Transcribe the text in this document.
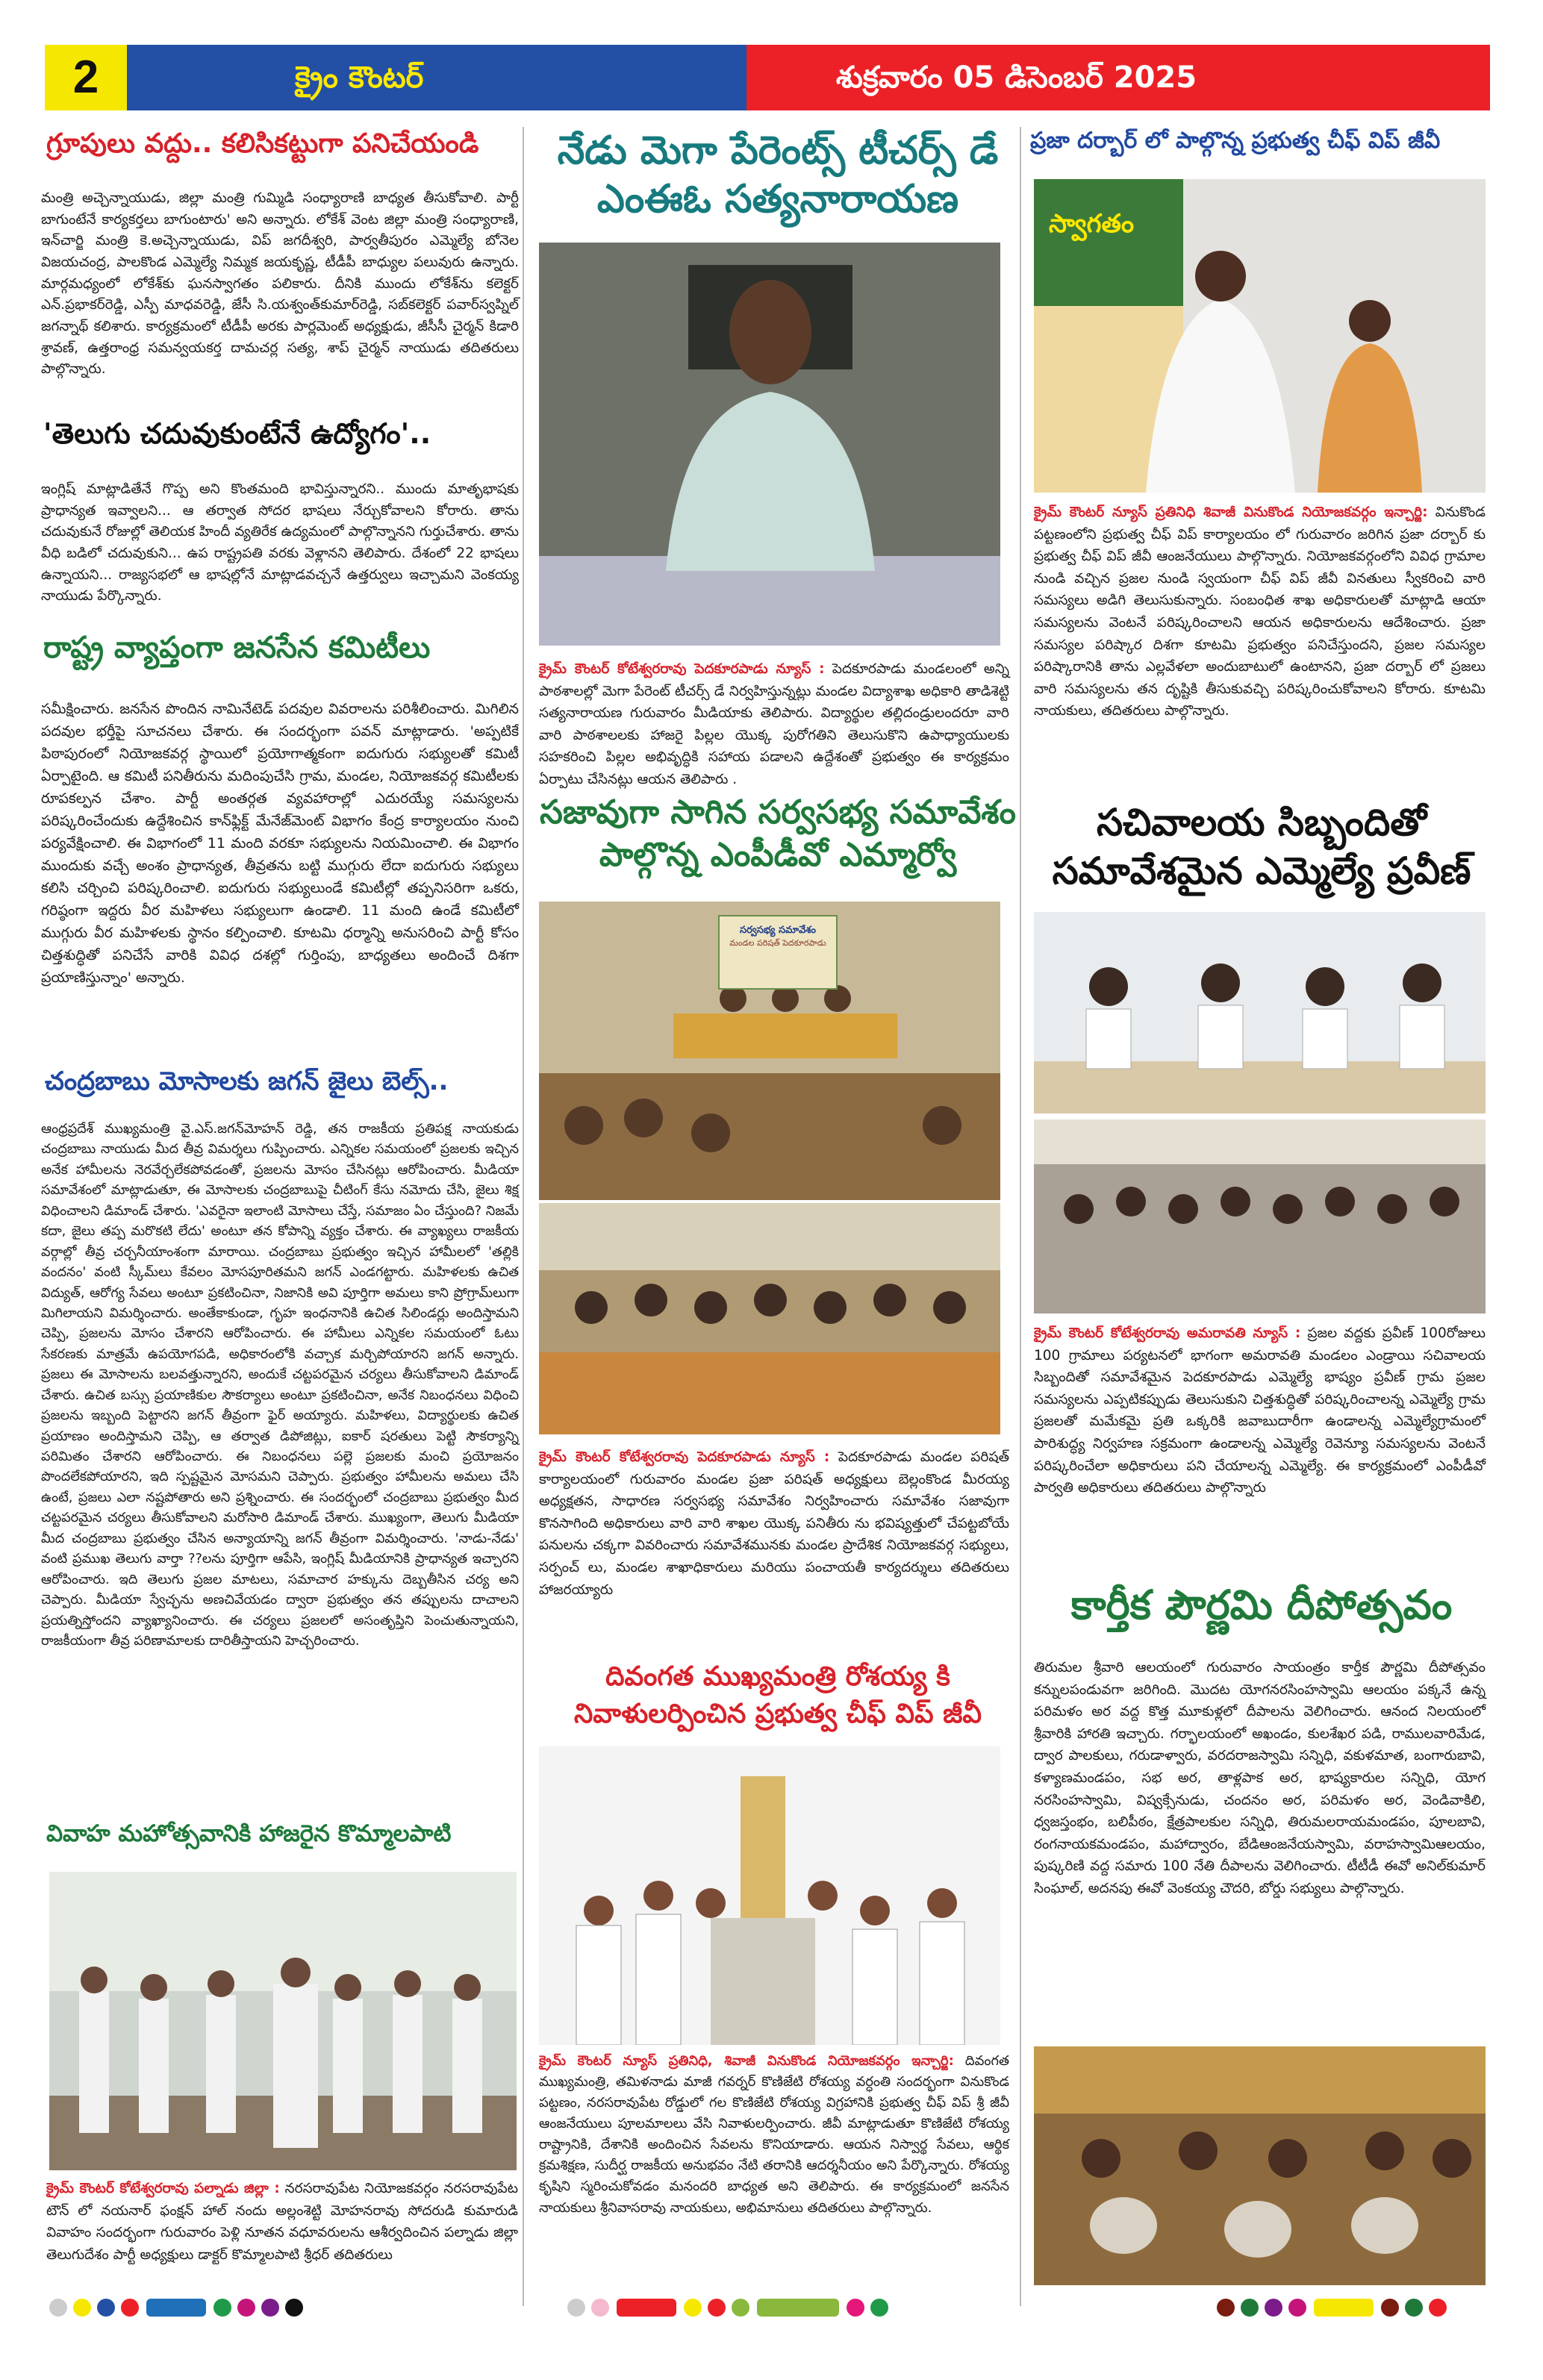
2	క్రైం కౌంటర్	శుక్రవారం 05 డిసెంబర్ 2025
గ్రూపులు వద్దు.. కలిసికట్టుగా పనిచేయండి
మంత్రి అచ్చెన్నాయుడు, జిల్లా మంత్రి గుమ్మిడి సంధ్యారాణి బాధ్యత తీసుకోవాలి. పార్టీ బాగుంటేనే కార్యకర్తలు బాగుంటారు' అని అన్నారు. లోకేశ్ వెంట జిల్లా మంత్రి సంధ్యారాణి, ఇన్‌చార్జి మంత్రి కె.అచ్చెన్నాయుడు, విప్ జగదీశ్వరి, పార్వతీపురం ఎమ్మెల్యే బోనెల విజయచంద్ర, పాలకొండ ఎమ్మెల్యే నిమ్మక జయకృష్ణ, టీడీపీ బాధ్యుల పలువురు ఉన్నారు. మార్గమధ్యంలో లోకేశ్‌కు ఘనస్వాగతం పలికారు. దీనికి ముందు లోకేశ్‌ను కలెక్టర్ ఎన్.ప్రభాకర్‌రెడ్డి, ఎస్పీ మాధవరెడ్డి, జేసీ సి.యశ్వంత్‌కుమార్‌రెడ్డి, సబ్‌కలెక్టర్ పవార్‌స్వప్నిల్ జగన్నాథ్ కలిశారు. కార్యక్రమంలో టీడీపీ అరకు పార్లమెంట్ అధ్యక్షుడు, జీసీసీ చైర్మన్ కిడారి శ్రావణ్, ఉత్తరాంధ్ర సమన్వయకర్త దామచర్ల సత్య, శాప్ చైర్మన్ నాయుడు తదితరులు పాల్గొన్నారు.
'తెలుగు చదువుకుంటేనే ఉద్యోగం'..
ఇంగ్లిష్ మాట్లాడితేనే గొప్ప అని కొంతమంది భావిస్తున్నారని.. ముందు మాతృభాషకు ప్రాధాన్యత ఇవ్వాలని... ఆ తర్వాత సోదర భాషలు నేర్చుకోవాలని కోరారు. తాను చదువుకునే రోజుల్లో తెలియక హిందీ వ్యతిరేక ఉద్యమంలో పాల్గొన్నానని గుర్తుచేశారు. తాను వీధి బడిలో చదువుకుని... ఉప రాష్ట్రపతి వరకు వెళ్లానని తెలిపారు. దేశంలో 22 భాషలు ఉన్నాయని... రాజ్యసభలో ఆ భాషల్లోనే మాట్లాడవచ్చనే ఉత్తర్వులు ఇచ్చామని వెంకయ్య నాయుడు పేర్కొన్నారు.
రాష్ట్ర వ్యాప్తంగా జనసేన కమిటీలు
సమీక్షించారు. జనసేన పొందిన నామినేటెడ్ పదవుల వివరాలను పరిశీలించారు. మిగిలిన పదవుల భర్తీపై సూచనలు చేశారు. ఈ సందర్భంగా పవన్ మాట్లాడారు. 'అప్పటికే పిఠాపురంలో నియోజకవర్గ స్థాయిలో ప్రయోగాత్మకంగా ఐదుగురు సభ్యులతో కమిటీ ఏర్పాటైంది. ఆ కమిటీ పనితీరును మదింపుచేసి గ్రామ, మండల, నియోజకవర్గ కమిటీలకు రూపకల్పన చేశాం. పార్టీ అంతర్గత వ్యవహారాల్లో ఎదురయ్యే సమస్యలను పరిష్కరించేందుకు ఉద్దేశించిన కాన్‌ఫ్లిక్ట్ మేనేజ్‌మెంట్ విభాగం కేంద్ర కార్యాలయం నుంచి పర్యవేక్షించాలి. ఈ విభాగంలో 11 మంది వరకూ సభ్యులను నియమించాలి. ఈ విభాగం ముందుకు వచ్చే అంశం ప్రాధాన్యత, తీవ్రతను బట్టి ముగ్గురు లేదా ఐదుగురు సభ్యులు కలిసి చర్చించి పరిష్కరించాలి. ఐదుగురు సభ్యులుండే కమిటీల్లో తప్పనిసరిగా ఒకరు, గరిష్ఠంగా ఇద్దరు వీర మహిళలు సభ్యులుగా ఉండాలి. 11 మంది ఉండే కమిటీలో ముగ్గురు వీర మహిళలకు స్థానం కల్పించాలి. కూటమి ధర్మాన్ని అనుసరించి పార్టీ కోసం చిత్తశుద్ధితో పనిచేసే వారికి వివిధ దశల్లో గుర్తింపు, బాధ్యతలు అందించే దిశగా ప్రయాణిస్తున్నాం' అన్నారు.
చంద్రబాబు మోసాలకు జగన్ జైలు బెల్స్..
ఆంధ్రప్రదేశ్ ముఖ్యమంత్రి వై.ఎస్.జగన్‌మోహన్ రెడ్డి, తన రాజకీయ ప్రతిపక్ష నాయకుడు చంద్రబాబు నాయుడు మీద తీవ్ర విమర్శలు గుప్పించారు. ఎన్నికల సమయంలో ప్రజలకు ఇచ్చిన అనేక హామీలను నెరవేర్చలేకపోవడంతో, ప్రజలను మోసం చేసినట్లు ఆరోపించారు. మీడియా సమావేశంలో మాట్లాడుతూ, ఈ మోసాలకు చంద్రబాబుపై చీటింగ్ కేసు నమోదు చేసి, జైలు శిక్ష విధించాలని డిమాండ్ చేశారు. 'ఎవరైనా ఇలాంటి మోసాలు చేస్తే, సమాజం ఏం చేస్తుంది? నిజమే కదా, జైలు తప్ప మరొకటి లేదు' అంటూ తన కోపాన్ని వ్యక్తం చేశారు. ఈ వ్యాఖ్యలు రాజకీయ వర్గాల్లో తీవ్ర చర్చనీయాంశంగా మారాయి. చంద్రబాబు ప్రభుత్వం ఇచ్చిన హామీలలో 'తల్లికి వందనం' వంటి స్కీమ్‌లు కేవలం మోసపూరితమని జగన్ ఎండగట్టారు. మహిళలకు ఉచిత విద్యుత్, ఆరోగ్య సేవలు అంటూ ప్రకటించినా, నిజానికి అవి పూర్తిగా అమలు కాని ప్రోగ్రామ్‌లుగా మిగిలాయని విమర్శించారు. అంతేకాకుండా, గృహ ఇంధనానికి ఉచిత సిలిండర్లు అందిస్తామని చెప్పి, ప్రజలను మోసం చేశారని ఆరోపించారు. ఈ హామీలు ఎన్నికల సమయంలో ఓటు సేకరణకు మాత్రమే ఉపయోగపడి, అధికారంలోకి వచ్చాక మర్చిపోయారని జగన్ అన్నారు. ప్రజలు ఈ మోసాలను బలవత్తున్నారని, అందుకే చట్టపరమైన చర్యలు తీసుకోవాలని డిమాండ్ చేశారు. ఉచిత బస్సు ప్రయాణికుల సౌకర్యాలు అంటూ ప్రకటించినా, అనేక నిబంధనలు విధించి ప్రజలను ఇబ్బంది పెట్టారని జగన్ తీవ్రంగా ఫైర్ అయ్యారు. మహిళలు, విద్యార్థులకు ఉచిత ప్రయాణం అందిస్తామని చెప్పి, ఆ తర్వాత డిపోజిట్లు, ఐకార్‌ షరతులు పెట్టి సౌకర్యాన్ని పరిమితం చేశారని ఆరోపించారు. ఈ నిబంధనలు పల్లె ప్రజలకు మంచి ప్రయోజనం పొందలేకపోయారని, ఇది స్పష్టమైన మోసమని చెప్పారు. ప్రభుత్వం హామీలను అమలు చేసి ఉంటే, ప్రజలు ఎలా నష్టపోతారు అని ప్రశ్నించారు. ఈ సందర్భంలో చంద్రబాబు ప్రభుత్వం మీద చట్టపరమైన చర్యలు తీసుకోవాలని మరోసారి డిమాండ్ చేశారు. ముఖ్యంగా, తెలుగు మీడియా మీద చంద్రబాబు ప్రభుత్వం చేసిన అన్యాయాన్ని జగన్ తీవ్రంగా విమర్శించారు. 'నాడు-నేడు' వంటి ప్రముఖ తెలుగు వార్తా ??లను పూర్తిగా ఆపేసి, ఇంగ్లిష్ మీడియానికి ప్రాధాన్యత ఇచ్చారని ఆరోపించారు. ఇది తెలుగు ప్రజల మాటలు, సమాచార హక్కును దెబ్బతీసిన చర్య అని చెప్పారు. మీడియా స్వేచ్ఛను అణచివేయడం ద్వారా ప్రభుత్వం తన తప్పులను దాచాలని ప్రయత్నిస్తోందని వ్యాఖ్యానించారు. ఈ చర్యలు ప్రజలలో అసంతృప్తిని పెంచుతున్నాయని, రాజకీయంగా తీవ్ర పరిణామాలకు దారితీస్తాయని హెచ్చరించారు.
వివాహ మహోత్సవానికి హాజరైన కొమ్మాలపాటి
క్రైమ్ కౌంటర్ కోటేశ్వరరావు పల్నాడు జిల్లా : నరసరావుపేట నియోజకవర్గం నరసరావుపేట టౌన్ లో నయనార్ ఫంక్షన్ హాల్ నందు అల్లంశెట్టి మోహనరావు సోదరుడి కుమారుడి వివాహం సందర్భంగా గురువారం పెళ్లి నూతన వధూవరులను ఆశీర్వదించిన పల్నాడు జిల్లా తెలుగుదేశం పార్టీ అధ్యక్షులు డాక్టర్ కొమ్మాలపాటి శ్రీధర్ తదితరులు
నేడు మెగా పేరెంట్స్ టీచర్స్ డే
ఎంఈఓ సత్యనారాయణ
క్రైమ్ కౌంటర్ కోటేశ్వరరావు పెదకూరపాడు న్యూస్ : పెదకూరపాడు మండలంలో అన్ని పాఠశాలల్లో మెగా పేరెంట్ టీచర్స్ డే నిర్వహిస్తున్నట్లు మండల విద్యాశాఖ అధికారి తాడిశెట్టి సత్యనారాయణ గురువారం మీడియాకు తెలిపారు. విద్యార్థుల తల్లిదండ్రులందరూ వారి వారి పాఠశాలలకు హాజరై పిల్లల యొక్క పురోగతిని తెలుసుకొని ఉపాధ్యాయులకు సహకరించి పిల్లల అభివృద్ధికి సహాయ పడాలని ఉద్దేశంతో ప్రభుత్వం ఈ కార్యక్రమం ఏర్పాటు చేసినట్లు ఆయన తెలిపారు .
సజావుగా సాగిన సర్వసభ్య సమావేశం
పాల్గొన్న ఎంపీడీవో ఎమ్మార్వో
సర్వసభ్య సమావేశం
మండల పరిషత్ పెదకూరపాడు
క్రైమ్ కౌంటర్ కోటేశ్వరరావు పెదకూరపాడు న్యూస్ : పెదకూరపాడు మండల పరిషత్ కార్యాలయంలో గురువారం మండల ప్రజా పరిషత్ అధ్యక్షులు బెల్లంకొండ మీరయ్య అధ్యక్షతన, సాధారణ సర్వసభ్య సమావేశం నిర్వహించారు సమావేశం సజావుగా కొనసాగింది అధికారులు వారి వారి శాఖల యొక్క పనితీరు ను భవిష్యత్తులో చేపట్టబోయే పనులను చక్కగా వివరించారు సమావేశమునకు మండల ప్రాదేశిక నియోజకవర్గ సభ్యులు, సర్పంచ్ లు, మండల శాఖాధికారులు మరియు పంచాయతీ కార్యదర్శులు తదితరులు హాజరయ్యారు
దివంగత ముఖ్యమంత్రి రోశయ్య కి
నివాళులర్పించిన ప్రభుత్వ చీఫ్ విప్ జీవీ
క్రైమ్ కౌంటర్ న్యూస్ ప్రతినిధి, శివాజీ వినుకొండ నియోజకవర్గం ఇన్చార్జి: దివంగత ముఖ్యమంత్రి, తమిళనాడు మాజీ గవర్నర్ కొణిజేటి రోశయ్య వర్ధంతి సందర్భంగా వినుకొండ పట్టణం, నరసరావుపేట రోడ్డులో గల కొణిజేటి రోశయ్య విగ్రహానికి ప్రభుత్వ చీఫ్ విప్ శ్రీ జీవీ ఆంజనేయులు పూలమాలలు వేసి నివాళులర్పించారు. జీవీ మాట్లాడుతూ కొణిజేటి రోశయ్య రాష్ట్రానికి, దేశానికి అందించిన సేవలను కొనియాడారు. ఆయన నిస్వార్థ సేవలు, ఆర్థిక క్రమశిక్షణ, సుదీర్ఘ రాజకీయ అనుభవం నేటి తరానికి ఆదర్శనీయం అని పేర్కొన్నారు. రోశయ్య కృషిని స్మరించుకోవడం మనందరి బాధ్యత అని తెలిపారు. ఈ కార్యక్రమంలో జనసేన నాయకులు శ్రీనివాసరావు నాయకులు, అభిమానులు తదితరులు పాల్గొన్నారు.
ప్రజా దర్బార్ లో పాల్గొన్న ప్రభుత్వ చీఫ్ విప్ జీవీ
స్వాగతం
క్రైమ్ కౌంటర్ న్యూస్ ప్రతినిధి శివాజీ వినుకొండ నియోజకవర్గం ఇన్చార్జి: వినుకొండ పట్టణంలోని ప్రభుత్వ చీఫ్ విప్ కార్యాలయం లో గురువారం జరిగిన ప్రజా దర్బార్ కు ప్రభుత్వ చీఫ్ విప్ జీవీ ఆంజనేయులు పాల్గొన్నారు. నియోజకవర్గంలోని వివిధ గ్రామాల నుండి వచ్చిన ప్రజల నుండి స్వయంగా చీఫ్ విప్ జీవీ వినతులు స్వీకరించి వారి సమస్యలు అడిగి తెలుసుకున్నారు. సంబంధిత శాఖ అధికారులతో మాట్లాడి ఆయా సమస్యలను వెంటనే పరిష్కరించాలని ఆయన అధికారులను ఆదేశించారు. ప్రజా సమస్యల పరిష్కార దిశగా కూటమి ప్రభుత్వం పనిచేస్తుందని, ప్రజల సమస్యల పరిష్కారానికి తాను ఎల్లవేళలా అందుబాటులో ఉంటానని, ప్రజా దర్బార్ లో ప్రజలు వారి సమస్యలను తన దృష్టికి తీసుకువచ్చి పరిష్కరించుకోవాలని కోరారు. కూటమి నాయకులు, తదితరులు పాల్గొన్నారు.
సచివాలయ సిబ్బందితో
సమావేశమైన ఎమ్మెల్యే ప్రవీణ్
క్రైమ్ కౌంటర్ కోటేశ్వరరావు అమరావతి న్యూస్ : ప్రజల వద్దకు ప్రవీణ్ 100రోజులు 100 గ్రామాలు పర్యటనలో భాగంగా అమరావతి మండలం ఎండ్రాయి సచివాలయ సిబ్బందితో సమావేశమైన పెదకూరపాడు ఎమ్మెల్యే భాష్యం ప్రవీణ్ గ్రామ ప్రజల సమస్యలను ఎప్పటికప్పుడు తెలుసుకుని చిత్తశుద్ధితో పరిష్కరించాలన్న ఎమ్మెల్యే గ్రామ ప్రజలతో మమేకమై ప్రతి ఒక్కరికి జవాబుదారీగా ఉండాలన్న ఎమ్మెల్యేగ్రామంలో పారిశుద్ధ్య నిర్వహణ సక్రమంగా ఉండాలన్న ఎమ్మెల్యే రెవెన్యూ సమస్యలను వెంటనే పరిష్కరించేలా అధికారులు పని చేయాలన్న ఎమ్మెల్యే. ఈ కార్యక్రమంలో ఎంపీడీవో పార్వతి అధికారులు తదితరులు పాల్గొన్నారు
కార్తీక పౌర్ణమి దీపోత్సవం
తిరుమల శ్రీవారి ఆలయంలో గురువారం సాయంత్రం కార్తీక పౌర్ణమి దీపోత్సవం కన్నులపండువగా జరిగింది. మొదట యోగనరసింహస్వామి ఆలయం పక్కనే ఉన్న పరిమళం అర వద్ద కొత్త మూకుళ్లలో దీపాలను వెలిగించారు. ఆనంద నిలయంలో శ్రీవారికి హారతి ఇచ్చారు. గర్భాలయంలో అఖండం, కులశేఖర పడి, రాములవారిమేడ, ద్వార పాలకులు, గరుడాళ్వారు, వరదరాజస్వామి సన్నిధి, వకుళమాత, బంగారుబావి, కళ్యాణమండపం, సభ అర, తాళ్లపాక అర, భాష్యకారుల సన్నిధి, యోగ నరసింహస్వామి, విష్వక్సేనుడు, చందనం అర, పరిమళం అర, వెండివాకిలి, ధ్వజస్తంభం, బలిపీఠం, క్షేత్రపాలకుల సన్నిధి, తిరుమలరాయమండపం, పూలబావి, రంగనాయకమండపం, మహాద్వారం, బేడిఆంజనేయస్వామి, వరాహస్వామిఆలయం, పుష్కరిణి వద్ద సమారు 100 నేతి దీపాలను వెలిగించారు. టీటీడీ ఈవో అనిల్‌కుమార్ సింఘాల్, అదనపు ఈవో వెంకయ్య చౌదరి, బోర్డు సభ్యులు పాల్గొన్నారు.
